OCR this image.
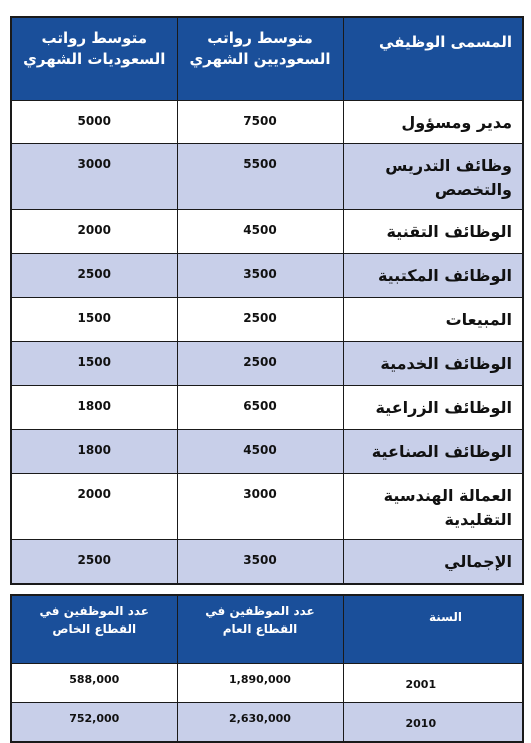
المسمى الوظيفي	متوسط رواتب السعوديين الشهري	متوسط رواتب السعوديات الشهري
مدير ومسؤول	7500	5000
وظائف التدريس والتخصص	5500	3000
الوظائف التقنية	4500	2000
الوظائف المكتبية	3500	2500
المبيعات	2500	1500
الوظائف الخدمية	2500	1500
الوظائف الزراعية	6500	1800
الوظائف الصناعية	4500	1800
العمالة الهندسية التقليدية	3000	2000
الإجمالي	3500	2500
السنة	عدد الموظفين في القطاع العام	عدد الموظفين في القطاع الخاص
2001	1,890,000	588,000
2010	2,630,000	752,000
